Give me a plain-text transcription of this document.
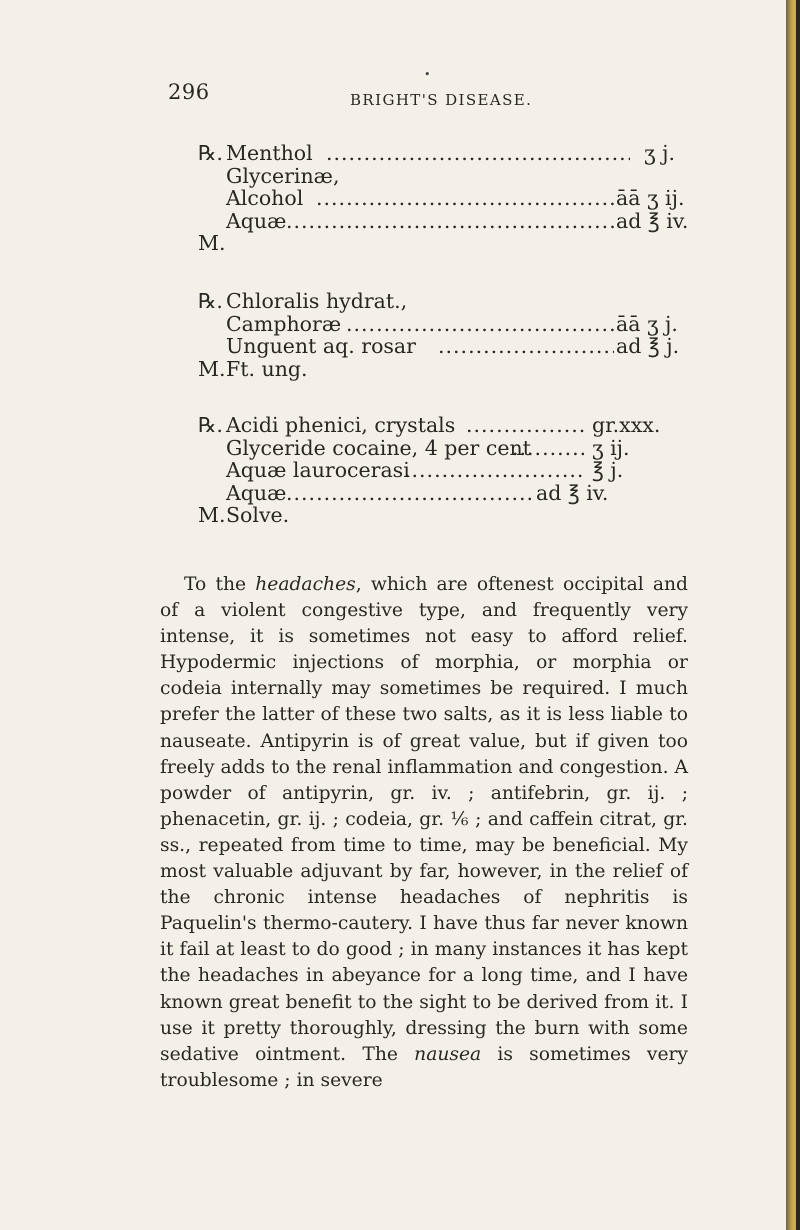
•
296	BRIGHT'S DISEASE.
℞. Menthol .....	ʒ j.
Glycerinæ,
Alcohol .....	āā ʒ ij.
Aquæ .....	ad ℥ iv.
M.
℞. Chloralis hydrat.,
Camphoræ .....	āā ʒ j.
Unguent aq. rosar .....	ad ℥ j.
M. Ft. ung.
℞. Acidi phenici, crystals .....	gr.xxx.
Glyceride cocaine, 4 per cent .....	ʒ ij.
Aquæ laurocerasi .....	℥ j.
Aquæ .....	ad ℥ iv.
M. Solve.

To the headaches, which are oftenest occipital and of a violent congestive type, and frequently very intense, it is sometimes not easy to afford relief. Hypodermic injections of morphia, or morphia or codeia internally may sometimes be required. I much prefer the latter of these two salts, as it is less liable to nauseate. Antipyrin is of great value, but if given too freely adds to the renal inflammation and congestion. A powder of antipyrin, gr. iv. ; antifebrin, gr. ij. ; phenacetin, gr. ij. ; codeia, gr. ⅙ ; and caffein citrat, gr. ss., repeated from time to time, may be beneficial. My most valuable adjuvant by far, however, in the relief of the chronic intense headaches of nephritis is Paquelin's thermo-cautery. I have thus far never known it fail at least to do good ; in many instances it has kept the headaches in abeyance for a long time, and I have known great benefit to the sight to be derived from it. I use it pretty thoroughly, dressing the burn with some sedative ointment. The nausea is sometimes very troublesome ; in severe
